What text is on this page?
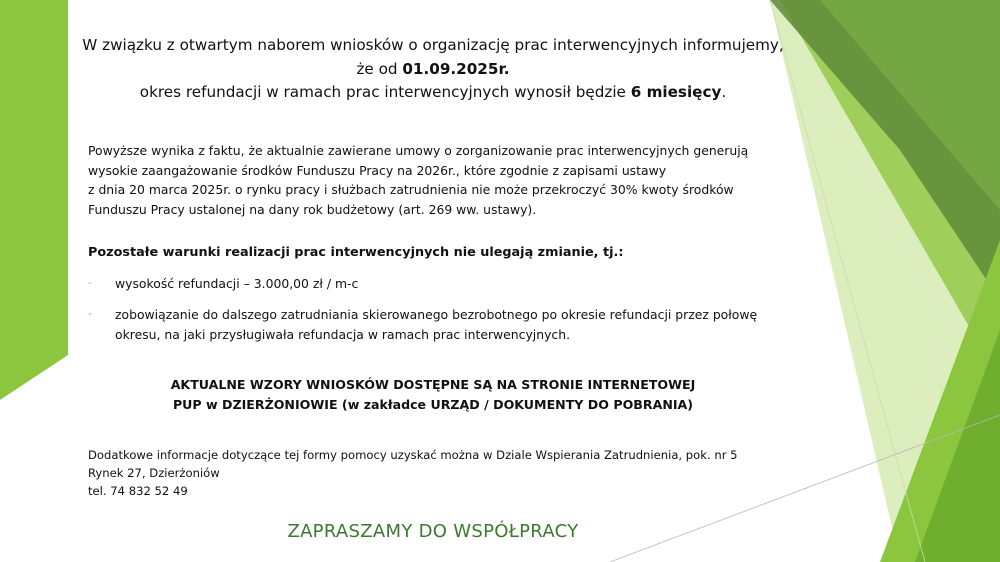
W związku z otwartym naborem wniosków o organizację prac interwencyjnych informujemy,
że od 01.09.2025r.
okres refundacji w ramach prac interwencyjnych wynosił będzie 6 miesięcy.
Powyższe wynika z faktu, że aktualnie zawierane umowy o zorganizowanie prac interwencyjnych generują
wysokie zaangażowanie środków Funduszu Pracy na 2026r., które zgodnie z zapisami ustawy
z dnia 20 marca 2025r. o rynku pracy i służbach zatrudnienia nie może przekroczyć 30% kwoty środków
Funduszu Pracy ustalonej na dany rok budżetowy (art. 269 ww. ustawy).
Pozostałe warunki realizacji prac interwencyjnych nie ulegają zmianie, tj.:
- wysokość refundacji – 3.000,00 zł / m-c
- zobowiązanie do dalszego zatrudniania skierowanego bezrobotnego po okresie refundacji przez połowę
okresu, na jaki przysługiwała refundacja w ramach prac interwencyjnych.
AKTUALNE WZORY WNIOSKÓW DOSTĘPNE SĄ NA STRONIE INTERNETOWEJ
PUP w DZIERŻONIOWIE (w zakładce URZĄD / DOKUMENTY DO POBRANIA)
Dodatkowe informacje dotyczące tej formy pomocy uzyskać można w Dziale Wspierania Zatrudnienia, pok. nr 5
Rynek 27, Dzierżoniów
tel. 74 832 52 49
ZAPRASZAMY DO WSPÓŁPRACY
